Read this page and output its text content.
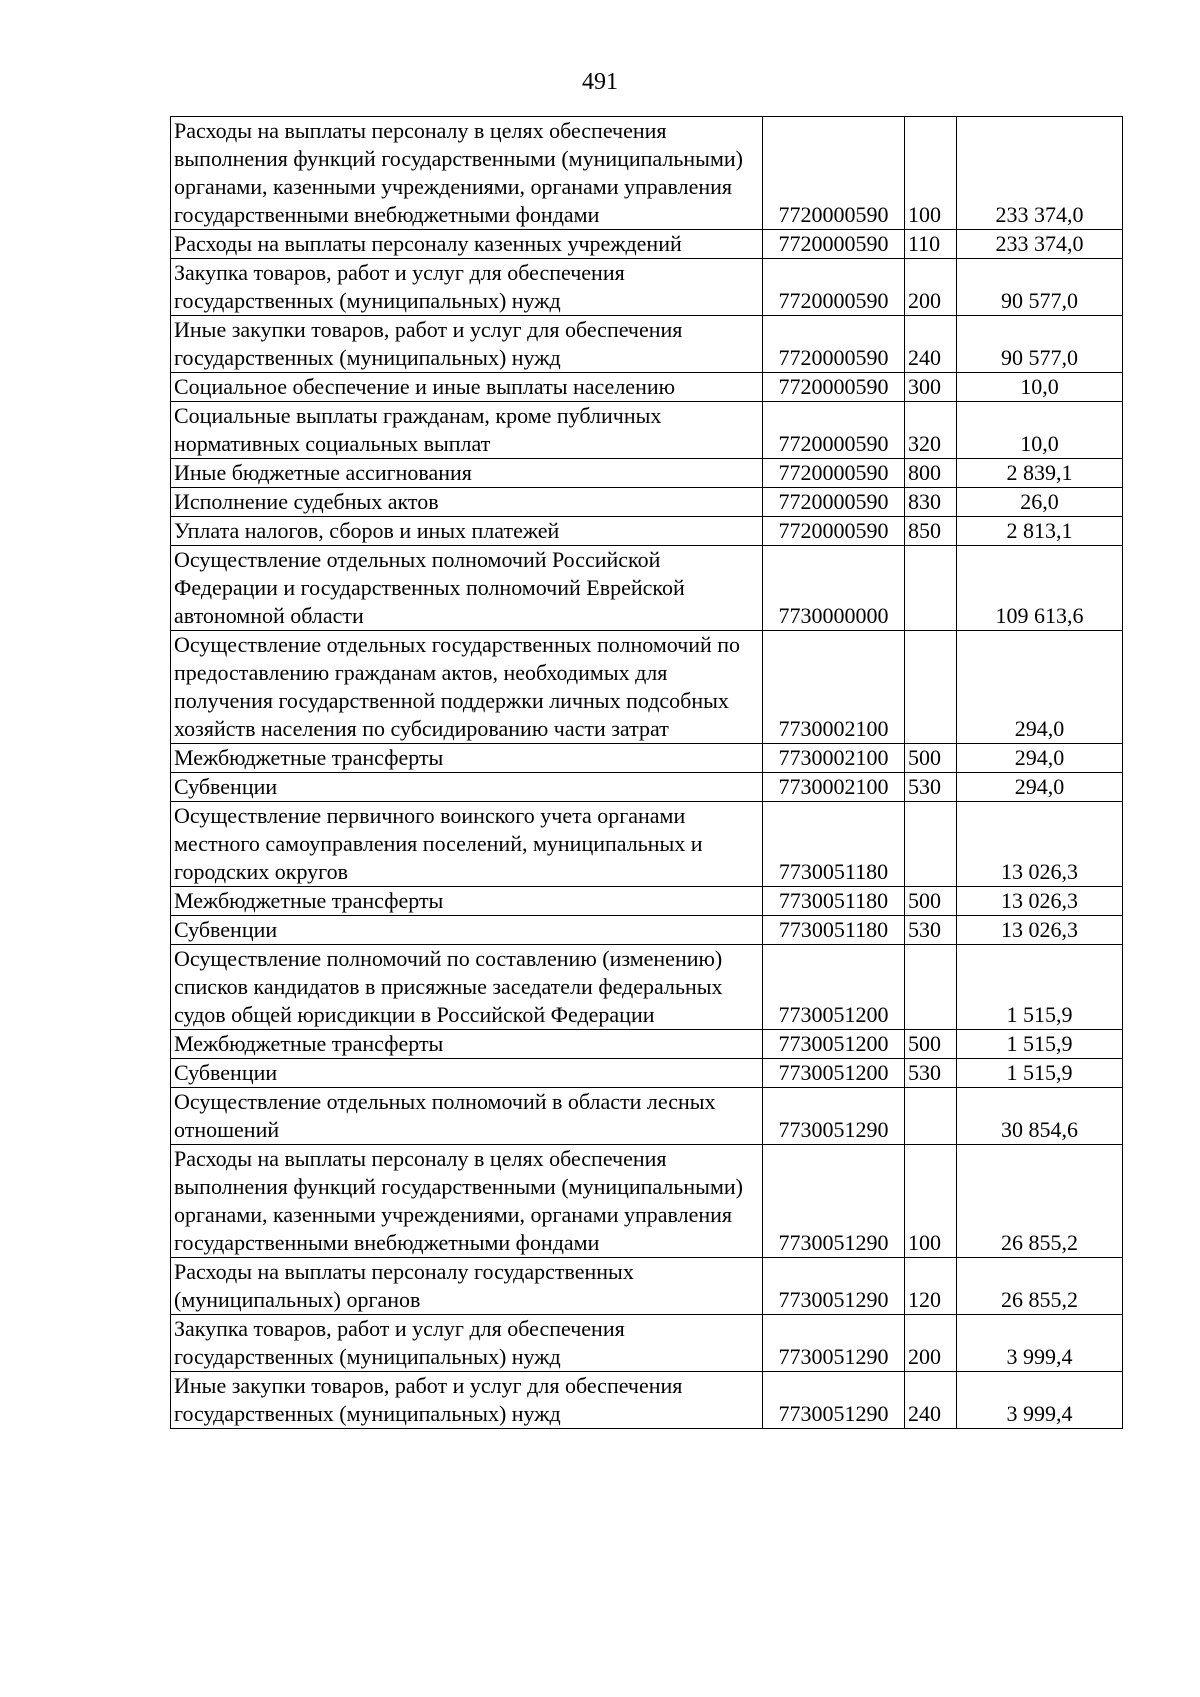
491
Расходы на выплаты персоналу в целях обеспечения выполнения функций государственными (муниципальными) органами, казенными учреждениями, органами управления государственными внебюджетными фондами	7720000590	100	233 374,0
Расходы на выплаты персоналу казенных учреждений	7720000590	110	233 374,0
Закупка товаров, работ и услуг для обеспечения государственных (муниципальных) нужд	7720000590	200	90 577,0
Иные закупки товаров, работ и услуг для обеспечения государственных (муниципальных) нужд	7720000590	240	90 577,0
Социальное обеспечение и иные выплаты населению	7720000590	300	10,0
Социальные выплаты гражданам, кроме публичных нормативных социальных выплат	7720000590	320	10,0
Иные бюджетные ассигнования	7720000590	800	2 839,1
Исполнение судебных актов	7720000590	830	26,0
Уплата налогов, сборов и иных платежей	7720000590	850	2 813,1
Осуществление отдельных полномочий Российской Федерации и государственных полномочий Еврейской автономной области	7730000000		109 613,6
Осуществление отдельных государственных полномочий по предоставлению гражданам актов, необходимых для получения государственной поддержки личных подсобных хозяйств населения по субсидированию части затрат	7730002100		294,0
Межбюджетные трансферты	7730002100	500	294,0
Субвенции	7730002100	530	294,0
Осуществление первичного воинского учета органами местного самоуправления поселений, муниципальных и городских округов	7730051180		13 026,3
Межбюджетные трансферты	7730051180	500	13 026,3
Субвенции	7730051180	530	13 026,3
Осуществление полномочий по составлению (изменению) списков кандидатов в присяжные заседатели федеральных судов общей юрисдикции в Российской Федерации	7730051200		1 515,9
Межбюджетные трансферты	7730051200	500	1 515,9
Субвенции	7730051200	530	1 515,9
Осуществление отдельных полномочий в области лесных отношений	7730051290		30 854,6
Расходы на выплаты персоналу в целях обеспечения выполнения функций государственными (муниципальными) органами, казенными учреждениями, органами управления государственными внебюджетными фондами	7730051290	100	26 855,2
Расходы на выплаты персоналу государственных (муниципальных) органов	7730051290	120	26 855,2
Закупка товаров, работ и услуг для обеспечения государственных (муниципальных) нужд	7730051290	200	3 999,4
Иные закупки товаров, работ и услуг для обеспечения государственных (муниципальных) нужд	7730051290	240	3 999,4
